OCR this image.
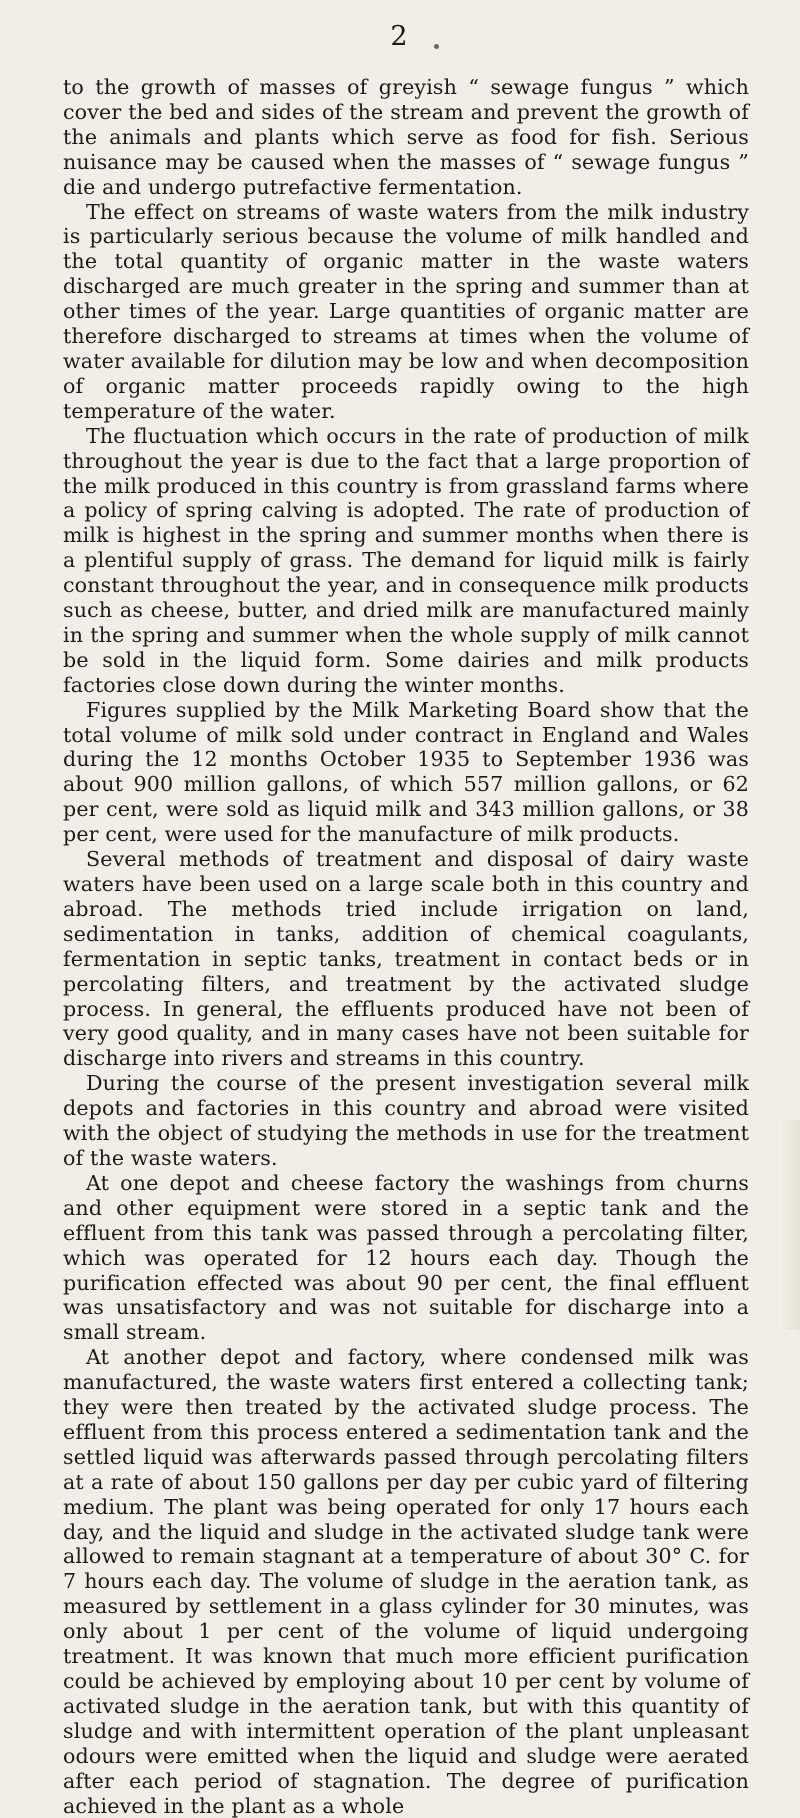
2

to the growth of masses of greyish “ sewage fungus ” which cover the bed and sides of the stream and prevent the growth of the animals and plants which serve as food for fish. Serious nuisance may be caused when the masses of “ sewage fungus ” die and undergo putrefactive fermentation.

The effect on streams of waste waters from the milk industry is particularly serious because the volume of milk handled and the total quantity of organic matter in the waste waters discharged are much greater in the spring and summer than at other times of the year. Large quantities of organic matter are therefore discharged to streams at times when the volume of water available for dilution may be low and when decomposition of organic matter proceeds rapidly owing to the high temperature of the water.

The fluctuation which occurs in the rate of production of milk throughout the year is due to the fact that a large proportion of the milk produced in this country is from grassland farms where a policy of spring calving is adopted. The rate of production of milk is highest in the spring and summer months when there is a plentiful supply of grass. The demand for liquid milk is fairly constant throughout the year, and in consequence milk products such as cheese, butter, and dried milk are manufactured mainly in the spring and summer when the whole supply of milk cannot be sold in the liquid form. Some dairies and milk products factories close down during the winter months.

Figures supplied by the Milk Marketing Board show that the total volume of milk sold under contract in England and Wales during the 12 months October 1935 to September 1936 was about 900 million gallons, of which 557 million gallons, or 62 per cent, were sold as liquid milk and 343 million gallons, or 38 per cent, were used for the manufacture of milk products.

Several methods of treatment and disposal of dairy waste waters have been used on a large scale both in this country and abroad. The methods tried include irrigation on land, sedimentation in tanks, addition of chemical coagulants, fermentation in septic tanks, treatment in contact beds or in percolating filters, and treatment by the activated sludge process. In general, the effluents produced have not been of very good quality, and in many cases have not been suitable for discharge into rivers and streams in this country.

During the course of the present investigation several milk depots and factories in this country and abroad were visited with the object of studying the methods in use for the treatment of the waste waters.

At one depot and cheese factory the washings from churns and other equipment were stored in a septic tank and the effluent from this tank was passed through a percolating filter, which was operated for 12 hours each day. Though the purification effected was about 90 per cent, the final effluent was unsatisfactory and was not suitable for discharge into a small stream.

At another depot and factory, where condensed milk was manufactured, the waste waters first entered a collecting tank; they were then treated by the activated sludge process. The effluent from this process entered a sedimentation tank and the settled liquid was afterwards passed through percolating filters at a rate of about 150 gallons per day per cubic yard of filtering medium. The plant was being operated for only 17 hours each day, and the liquid and sludge in the activated sludge tank were allowed to remain stagnant at a temperature of about 30° C. for 7 hours each day. The volume of sludge in the aeration tank, as measured by settlement in a glass cylinder for 30 minutes, was only about 1 per cent of the volume of liquid undergoing treatment. It was known that much more efficient purification could be achieved by employing about 10 per cent by volume of activated sludge in the aeration tank, but with this quantity of sludge and with intermittent operation of the plant unpleasant odours were emitted when the liquid and sludge were aerated after each period of stagnation. The degree of purification achieved in the plant as a whole
